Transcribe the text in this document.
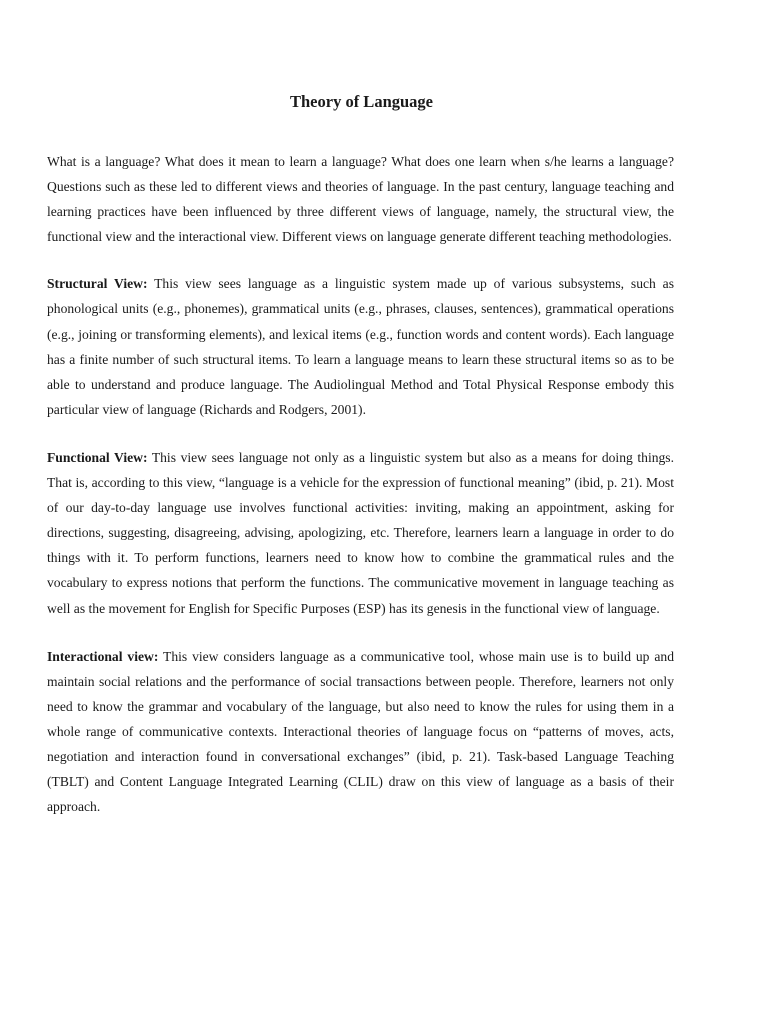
Theory of Language

What is a language? What does it mean to learn a language? What does one learn when s/he learns a language? Questions such as these led to different views and theories of language. In the past century, language teaching and learning practices have been influenced by three different views of language, namely, the structural view, the functional view and the interactional view. Different views on language generate different teaching methodologies.

Structural View: This view sees language as a linguistic system made up of various subsystems, such as phonological units (e.g., phonemes), grammatical units (e.g., phrases, clauses, sentences), grammatical operations (e.g., joining or transforming elements), and lexical items (e.g., function words and content words). Each language has a finite number of such structural items. To learn a language means to learn these structural items so as to be able to understand and produce language. The Audiolingual Method and Total Physical Response embody this particular view of language (Richards and Rodgers, 2001).

Functional View: This view sees language not only as a linguistic system but also as a means for doing things. That is, according to this view, “language is a vehicle for the expression of functional meaning” (ibid, p. 21). Most of our day-to-day language use involves functional activities: inviting, making an appointment, asking for directions, suggesting, disagreeing, advising, apologizing, etc. Therefore, learners learn a language in order to do things with it. To perform functions, learners need to know how to combine the grammatical rules and the vocabulary to express notions that perform the functions. The communicative movement in language teaching as well as the movement for English for Specific Purposes (ESP) has its genesis in the functional view of language.

Interactional view: This view considers language as a communicative tool, whose main use is to build up and maintain social relations and the performance of social transactions between people. Therefore, learners not only need to know the grammar and vocabulary of the language, but also need to know the rules for using them in a whole range of communicative contexts. Interactional theories of language focus on “patterns of moves, acts, negotiation and interaction found in conversational exchanges” (ibid, p. 21). Task-based Language Teaching (TBLT) and Content Language Integrated Learning (CLIL) draw on this view of language as a basis of their approach.
